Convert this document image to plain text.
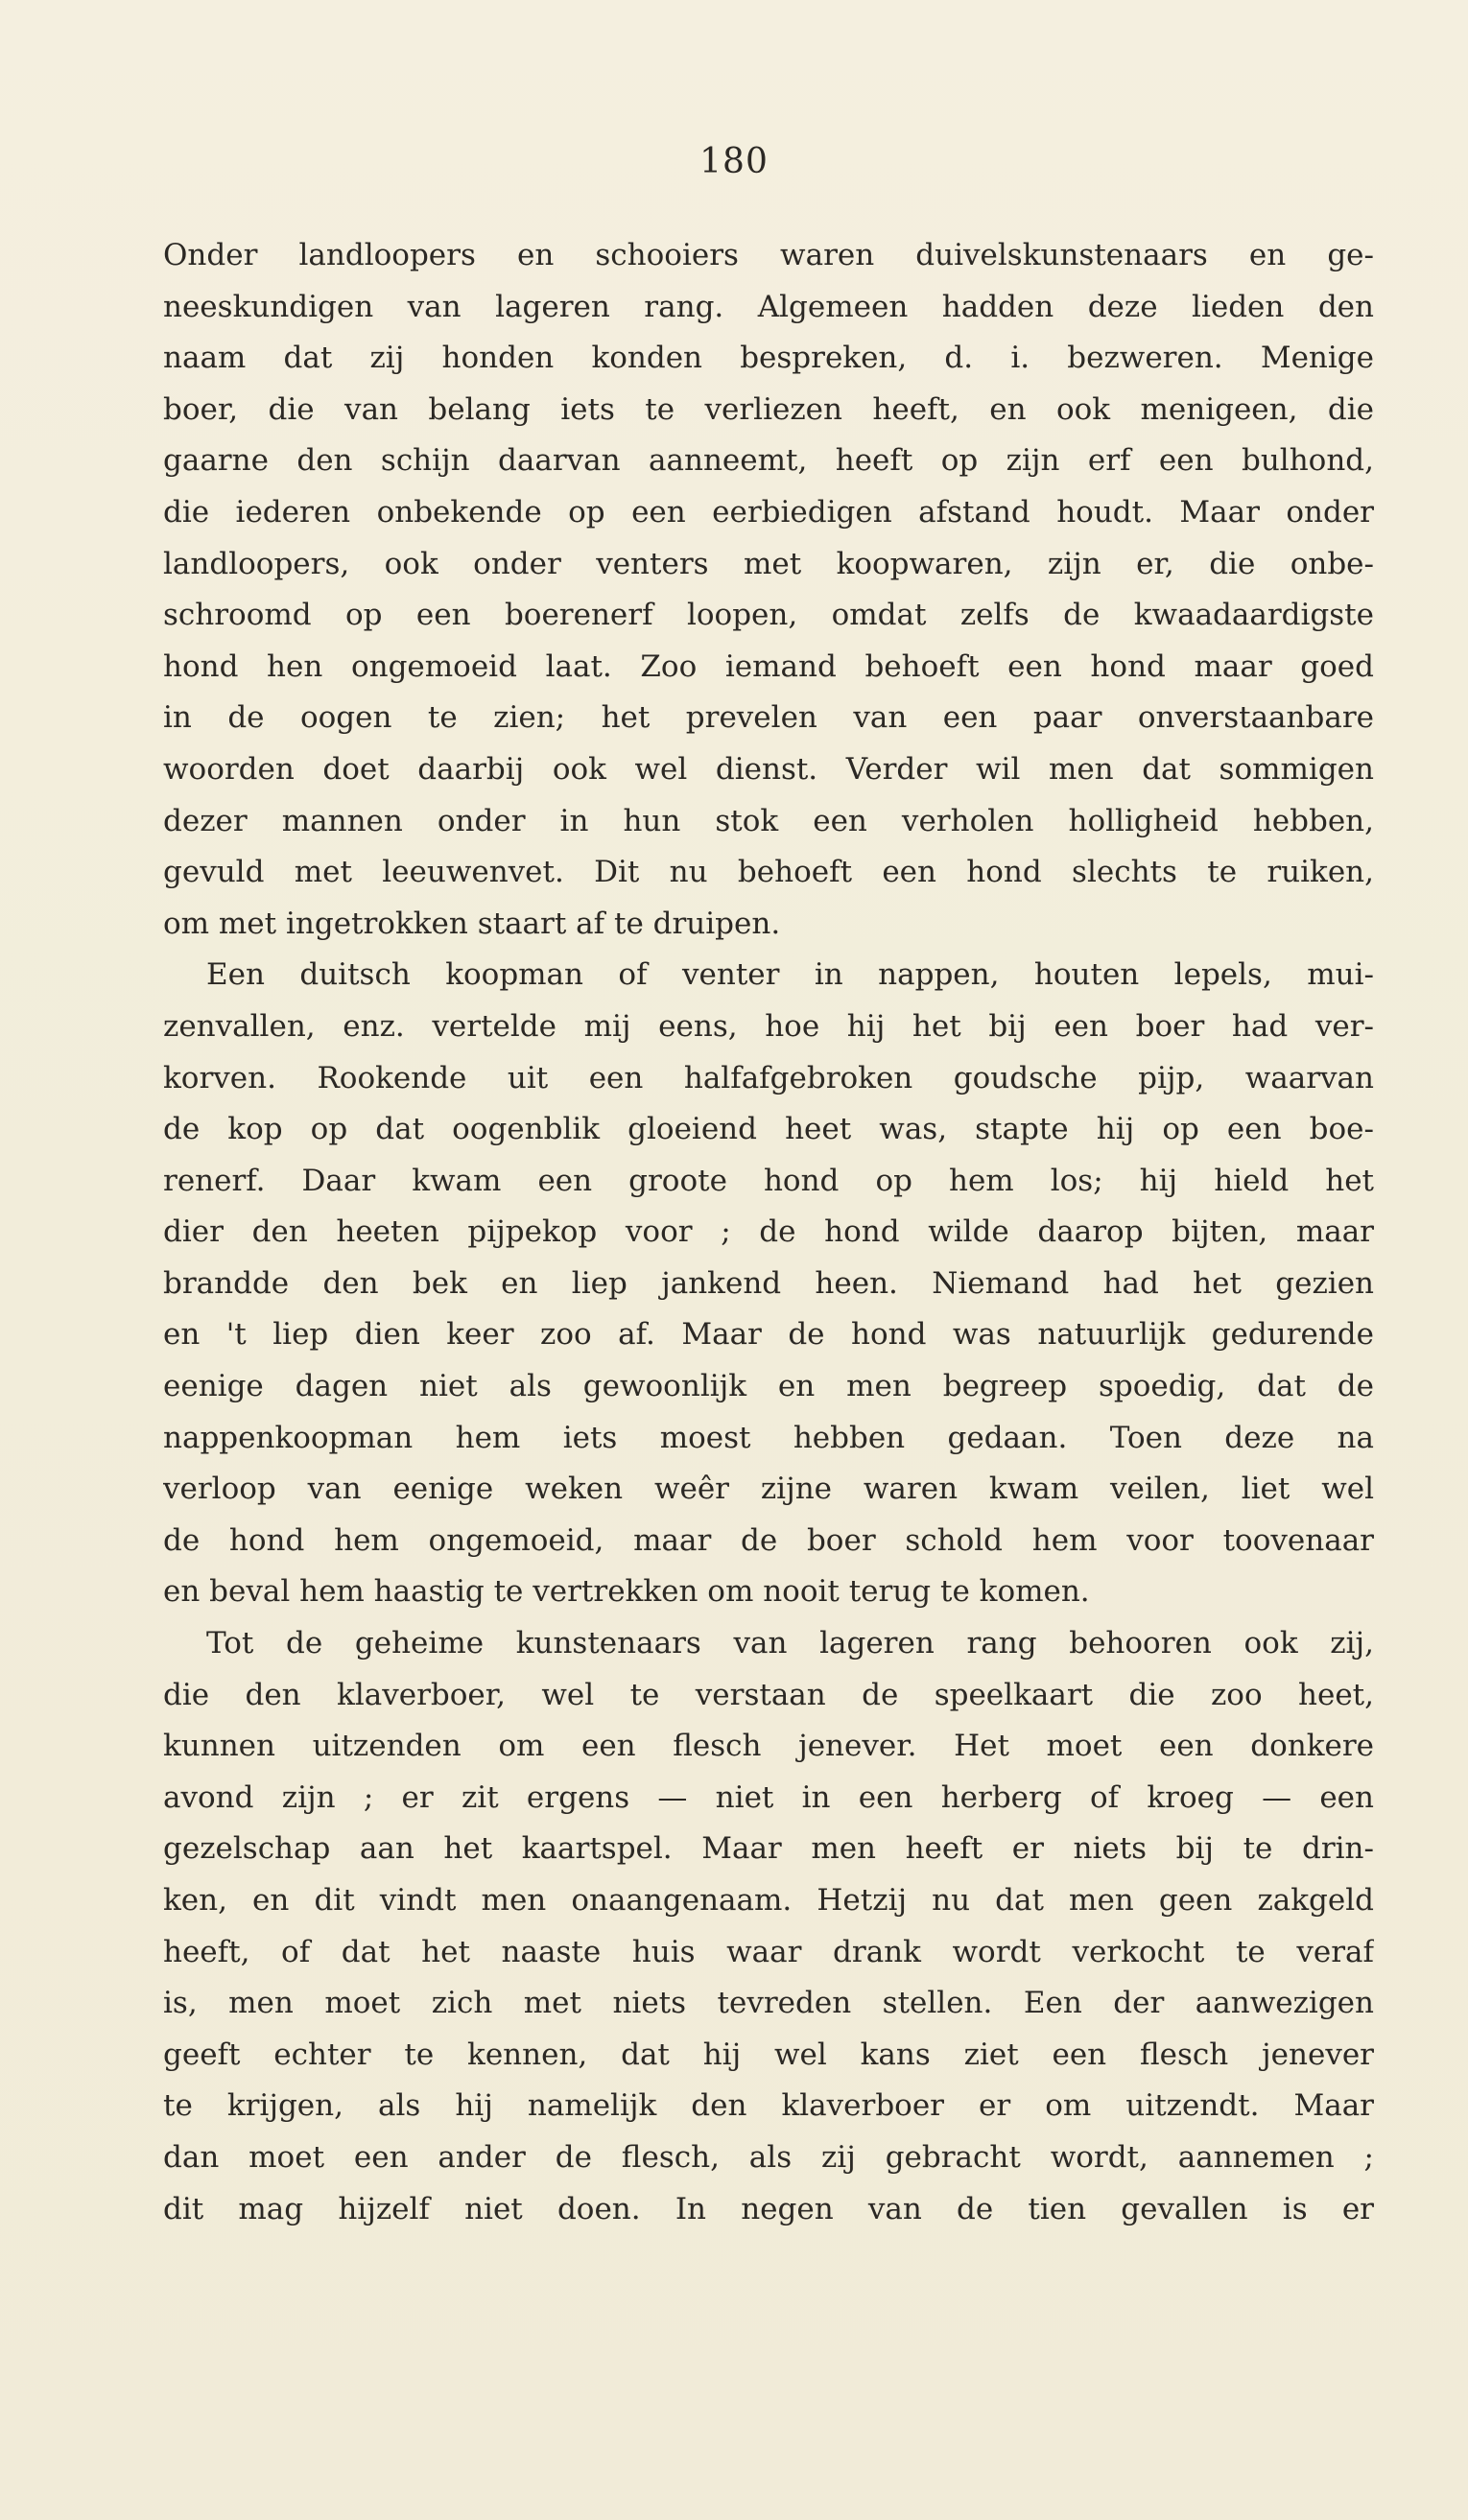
180
Onder landloopers en schooiers waren duivelskunstenaars en ge-
neeskundigen van lageren rang. Algemeen hadden deze lieden den
naam dat zij honden konden bespreken, d. i. bezweren. Menige
boer, die van belang iets te verliezen heeft, en ook menigeen, die
gaarne den schijn daarvan aanneemt, heeft op zijn erf een bulhond,
die iederen onbekende op een eerbiedigen afstand houdt. Maar onder
landloopers, ook onder venters met koopwaren, zijn er, die onbe-
schroomd op een boerenerf loopen, omdat zelfs de kwaadaardigste
hond hen ongemoeid laat. Zoo iemand behoeft een hond maar goed
in de oogen te zien; het prevelen van een paar onverstaanbare
woorden doet daarbij ook wel dienst. Verder wil men dat sommigen
dezer mannen onder in hun stok een verholen holligheid hebben,
gevuld met leeuwenvet. Dit nu behoeft een hond slechts te ruiken,
om met ingetrokken staart af te druipen.
Een duitsch koopman of venter in nappen, houten lepels, mui-
zenvallen, enz. vertelde mij eens, hoe hij het bij een boer had ver-
korven. Rookende uit een halfafgebroken goudsche pijp, waarvan
de kop op dat oogenblik gloeiend heet was, stapte hij op een boe-
renerf. Daar kwam een groote hond op hem los; hij hield het
dier den heeten pijpekop voor ; de hond wilde daarop bijten, maar
brandde den bek en liep jankend heen. Niemand had het gezien
en 't liep dien keer zoo af. Maar de hond was natuurlijk gedurende
eenige dagen niet als gewoonlijk en men begreep spoedig, dat de
nappenkoopman hem iets moest hebben gedaan. Toen deze na
verloop van eenige weken weêr zijne waren kwam veilen, liet wel
de hond hem ongemoeid, maar de boer schold hem voor toovenaar
en beval hem haastig te vertrekken om nooit terug te komen.
Tot de geheime kunstenaars van lageren rang behooren ook zij,
die den klaverboer, wel te verstaan de speelkaart die zoo heet,
kunnen uitzenden om een flesch jenever. Het moet een donkere
avond zijn ; er zit ergens — niet in een herberg of kroeg — een
gezelschap aan het kaartspel. Maar men heeft er niets bij te drin-
ken, en dit vindt men onaangenaam. Hetzij nu dat men geen zakgeld
heeft, of dat het naaste huis waar drank wordt verkocht te veraf
is, men moet zich met niets tevreden stellen. Een der aanwezigen
geeft echter te kennen, dat hij wel kans ziet een flesch jenever
te krijgen, als hij namelijk den klaverboer er om uitzendt. Maar
dan moet een ander de flesch, als zij gebracht wordt, aannemen ;
dit mag hijzelf niet doen. In negen van de tien gevallen is er
